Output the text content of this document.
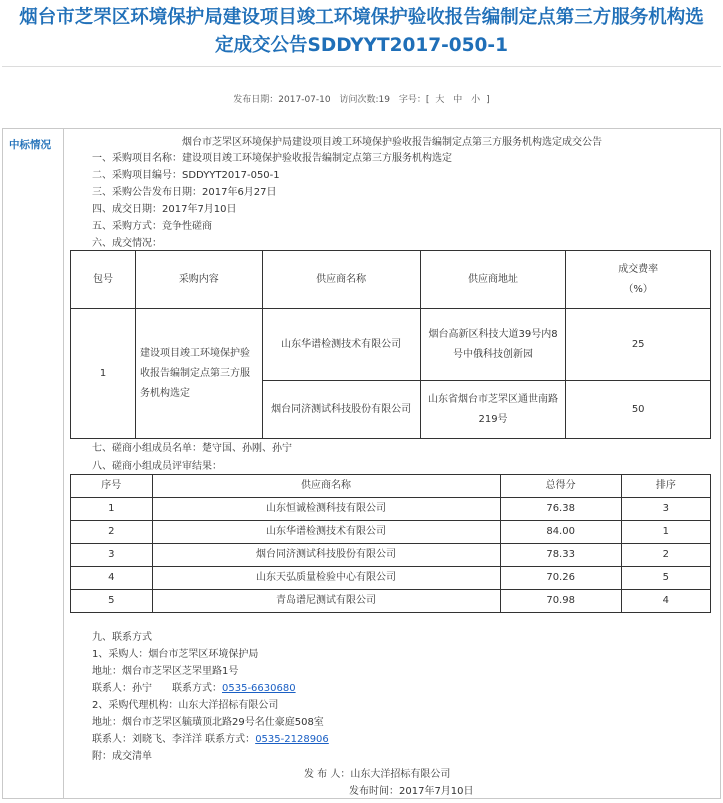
烟台市芝罘区环境保护局建设项目竣工环境保护验收报告编制定点第三方服务机构选
定成交公告SDDYYT2017-050-1
发布日期：2017-07-10 访问次数:19 字号：[ 大 中 小 ]
中标情况	烟台市芝罘区环境保护局建设项目竣工环境保护验收报告编制定点第三方服务机构选定成交公告
一、采购项目名称：建设项目竣工环境保护验收报告编制定点第三方服务机构选定
二、采购项目编号：SDDYYT2017-050-1
三、采购公告发布日期：2017年6月27日
四、成交日期：2017年7月10日
五、采购方式：竞争性磋商
六、成交情况：
包号	采购内容	供应商名称	供应商地址	成交费率
（%）

1	建设项目竣工环境保护验收报告编制定点第三方服务机构选定	山东华谱检测技术有限公司	烟台高新区科技大道39号内8号中俄科技创新园	25
		烟台同济测试科技股份有限公司	山东省烟台市芝罘区通世南路219号	50
七、磋商小组成员名单：楚守国、孙刚、孙宁
八、磋商小组成员评审结果：
序号	供应商名称	总得分	排序
1	山东恒诚检测科技有限公司	76.38	3
2	山东华谱检测技术有限公司	84.00	1
3	烟台同济测试科技股份有限公司	78.33	2
4	山东天弘质量检验中心有限公司	70.26	5
5	青岛谱尼测试有限公司	70.98	4
九、联系方式
1、采购人：烟台市芝罘区环境保护局
地址：烟台市芝罘区芝罘里路1号
联系人：孙宁　　联系方式：0535-6630680
2、采购代理机构：山东大洋招标有限公司
地址：烟台市芝罘区毓璜顶北路29号名仕豪庭508室
联系人：刘晓飞、李洋洋 联系方式：0535-2128906
附：成交清单
发 布 人：山东大洋招标有限公司
发布时间：2017年7月10日
